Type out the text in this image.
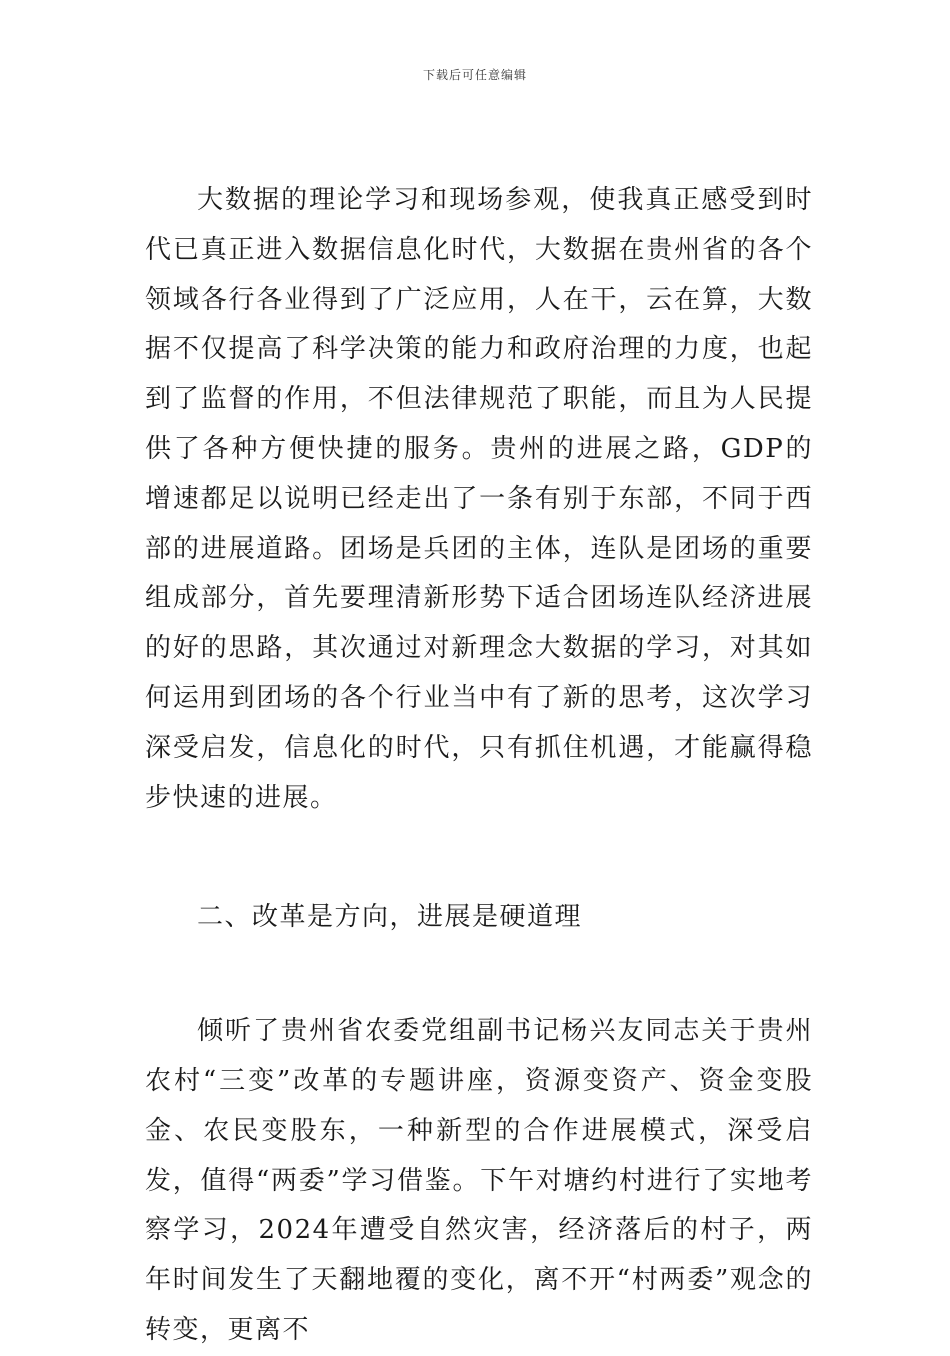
下载后可任意编辑

大数据的理论学习和现场参观，使我真正感受到时代已真正进入数据信息化时代，大数据在贵州省的各个领域各行各业得到了广泛应用，人在干，云在算，大数据不仅提高了科学决策的能力和政府治理的力度，也起到了监督的作用，不但法律规范了职能，而且为人民提供了各种方便快捷的服务。贵州的进展之路，GDP的增速都足以说明已经走出了一条有别于东部，不同于西部的进展道路。团场是兵团的主体，连队是团场的重要组成部分，首先要理清新形势下适合团场连队经济进展的好的思路，其次通过对新理念大数据的学习，对其如何运用到团场的各个行业当中有了新的思考，这次学习深受启发，信息化的时代，只有抓住机遇，才能赢得稳步快速的进展。

二、改革是方向，进展是硬道理

倾听了贵州省农委党组副书记杨兴友同志关于贵州农村“三变”改革的专题讲座，资源变资产、资金变股金、农民变股东，一种新型的合作进展模式，深受启发，值得“两委”学习借鉴。下午对塘约村进行了实地考察学习，2024年遭受自然灾害，经济落后的村子，两年时间发生了天翻地覆的变化，离不开“村两委”观念的转变，更离不
